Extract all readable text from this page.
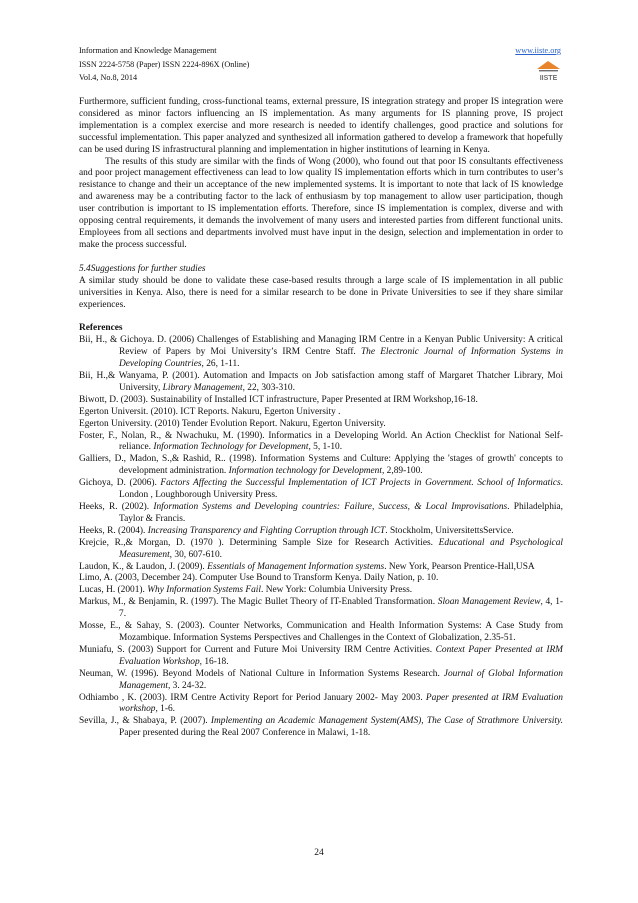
Information and Knowledge Management
ISSN 2224-5758 (Paper) ISSN 2224-896X (Online)
Vol.4, No.8, 2014
www.iiste.org
IISTE

Furthermore, sufficient funding, cross-functional teams, external pressure, IS integration strategy and proper IS integration were considered as minor factors influencing an IS implementation. As many arguments for IS planning prove, IS project implementation is a complex exercise and more research is needed to identify challenges, good practice and solutions for successful implementation. This paper analyzed and synthesized all information gathered to develop a framework that hopefully can be used during IS infrastructural planning and implementation in higher institutions of learning in Kenya.

The results of this study are similar with the finds of Wong (2000), who found out that poor IS consultants effectiveness and poor project management effectiveness can lead to low quality IS implementation efforts which in turn contributes to user’s resistance to change and their un acceptance of the new implemented systems. It is important to note that lack of IS knowledge and awareness may be a contributing factor to the lack of enthusiasm by top management to allow user participation, though user contribution is important to IS implementation efforts. Therefore, since IS implementation is complex, diverse and with opposing central requirements, it demands the involvement of many users and interested parties from different functional units. Employees from all sections and departments involved must have input in the design, selection and implementation in order to make the process successful.

5.4Suggestions for further studies

A similar study should be done to validate these case-based results through a large scale of IS implementation in all public universities in Kenya. Also, there is need for a similar research to be done in Private Universities to see if they share similar experiences.

References

Bii, H., & Gichoya. D. (2006) Challenges of Establishing and Managing IRM Centre in a Kenyan Public University: A critical Review of Papers by Moi University’s IRM Centre Staff. The Electronic Journal of Information Systems in Developing Countries, 26, 1-11.

Bii, H.,& Wanyama, P. (2001). Automation and Impacts on Job satisfaction among staff of Margaret Thatcher Library, Moi University, Library Management, 22, 303-310.

Biwott, D. (2003). Sustainability of Installed ICT infrastructure, Paper Presented at IRM Workshop,16-18.

Egerton Universit. (2010). ICT Reports. Nakuru, Egerton University .

Egerton University. (2010) Tender Evolution Report. Nakuru, Egerton University.

Foster, F., Nolan, R., & Nwachuku, M. (1990). Informatics in a Developing World. An Action Checklist for National Self-reliance. Information Technology for Development, 5, 1-10.

Galliers, D., Madon, S.,& Rashid, R.. (1998). Information Systems and Culture: Applying the 'stages of growth' concepts to development administration. Information technology for Development, 2,89-100.

Gichoya, D. (2006). Factors Affecting the Successful Implementation of ICT Projects in Government. School of Informatics. London , Loughborough University Press.

Heeks, R. (2002). Information Systems and Developing countries: Failure, Success, & Local Improvisations. Philadelphia, Taylor & Francis.

Heeks, R. (2004). Increasing Transparency and Fighting Corruption through ICT. Stockholm, UniversitettsService.

Krejcie, R.,& Morgan, D. (1970 ). Determining Sample Size for Research Activities. Educational and Psychological Measurement, 30, 607-610.

Laudon, K., & Laudon, J. (2009). Essentials of Management Information systems. New York, Pearson Prentice-Hall,USA

Limo, A. (2003, December 24). Computer Use Bound to Transform Kenya. Daily Nation, p. 10.

Lucas, H. (2001). Why Information Systems Fail. New York: Columbia University Press.

Markus, M., & Benjamin, R. (1997). The Magic Bullet Theory of IT-Enabled Transformation. Sloan Management Review, 4, 1-7.

Mosse, E., & Sahay, S. (2003). Counter Networks, Communication and Health Information Systems: A Case Study from Mozambique. Information Systems Perspectives and Challenges in the Context of Globalization, 2.35-51.

Muniafu, S. (2003) Support for Current and Future Moi University IRM Centre Activities. Context Paper Presented at IRM Evaluation Workshop, 16-18.

Neuman, W. (1996). Beyond Models of National Culture in Information Systems Research. Journal of Global Information Management, 3. 24-32.

Odhiambo , K. (2003). IRM Centre Activity Report for Period January 2002- May 2003. Paper presented at IRM Evaluation workshop, 1-6.

Sevilla, J., & Shabaya, P. (2007). Implementing an Academic Management System(AMS), The Case of Strathmore University. Paper presented during the Real 2007 Conference in Malawi, 1-18.

24
